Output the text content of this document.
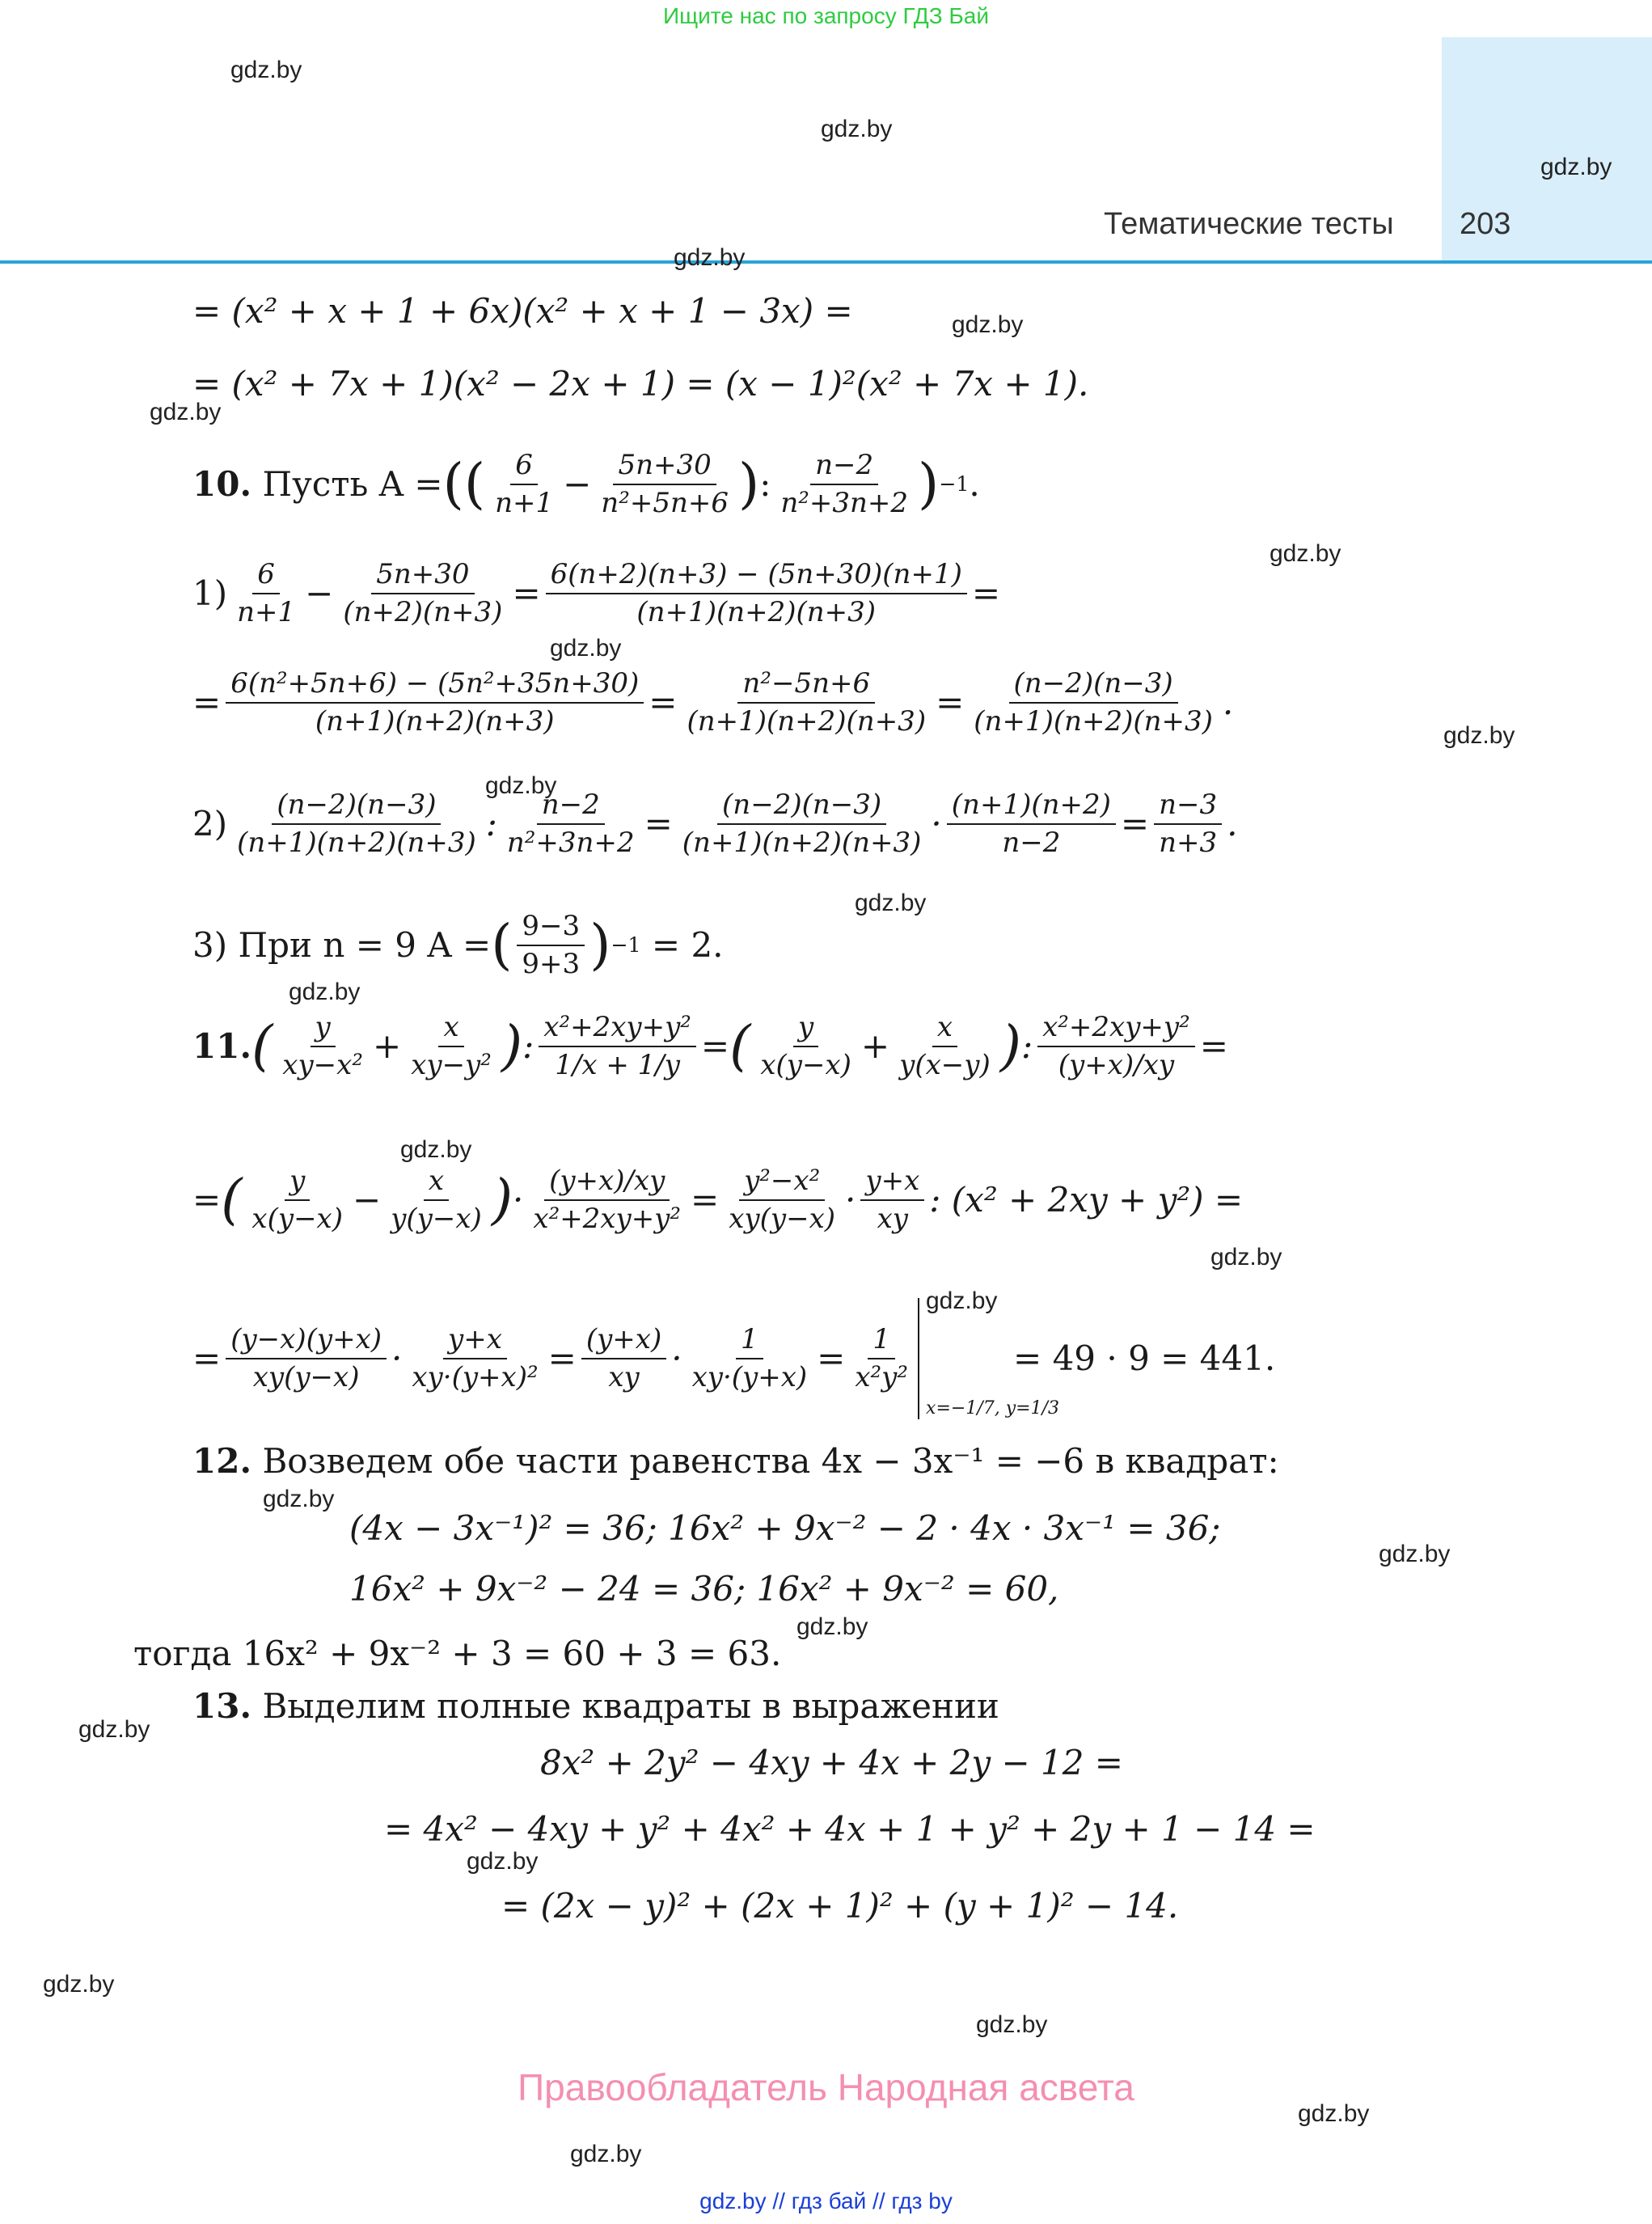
Ищите нас по запросу ГДЗ Бай
Тематические тесты 203
gdz.by
gdz.by
gdz.by
gdz.by
gdz.by
gdz.by
gdz.by
gdz.by
gdz.by
gdz.by
gdz.by
gdz.by
gdz.by
gdz.by
gdz.by
gdz.by
gdz.by
gdz.by
gdz.by
gdz.by
gdz.by
gdz.by
gdz.by
gdz.by
= (x² + x + 1 + 6x)(x² + x + 1 − 3x) =
= (x² + 7x + 1)(x² − 2x + 1) = (x − 1)²(x² + 7x + 1).
10.
Пусть A = (( 6
n+1 − 5n+30
n²+5n+6 ) : n−2
n²+3n+2 ) −1 .
1) 6
n+1 − 5n+30
(n+2)(n+3) = 6(n+2)(n+3) − (5n+30)(n+1)
(n+1)(n+2)(n+3)	=
= 6(n²+5n+6) − (5n²+35n+30)
(n+1)(n+2)(n+3)	= n²−5n+6
(n+1)(n+2)(n+3) = (n−2)(n−3)
(n+1)(n+2)(n+3) .
2) (n−2)(n−3)
(n+1)(n+2)(n+3) : n−2
n²+3n+2 = (n−2)(n−3)
(n+1)(n+2)(n+3) · (n+1)(n+2)
n−2 = n−3
n+3 .
3) При n = 9 A = ( 9−3
9+3 ) −1
= 2.
11. ( y
xy−x² + x
xy−y² ) : x²+2xy+y²
1/x + 1/y = ( y
x(y−x) + x
y(x−y) ) : x²+2xy+y²
(y+x)/xy =
= ( y
x(y−x) − x
y(y−x) ) · (y+x)/xy
x²+2xy+y² = y²−x²
xy(y−x) · y+x
xy : (x² + 2xy + y²) =
= (y−x)(y+x)
xy(y−x) · y+x
xy·(y+x)² = (y+x)
xy · 1
xy·(y+x) = 1
x²y²
x=−1/7, y=1/3
= 49 · 9 = 441.
12. Возведем обе части равенства 4x − 3x⁻¹ = −6 в квадрат:
(4x − 3x⁻¹)² = 36; 16x² + 9x⁻² − 2 · 4x · 3x⁻¹ = 36;
16x² + 9x⁻² − 24 = 36; 16x² + 9x⁻² = 60,
тогда 16x² + 9x⁻² + 3 = 60 + 3 = 63.
13. Выделим полные квадраты в выражении
8x² + 2y² − 4xy + 4x + 2y − 12 =
= 4x² − 4xy + y² + 4x² + 4x + 1 + y² + 2y + 1 − 14 =
= (2x − y)² + (2x + 1)² + (y + 1)² − 14.
Правообладатель Народная асвета
gdz.by // гдз бай // гдз by
